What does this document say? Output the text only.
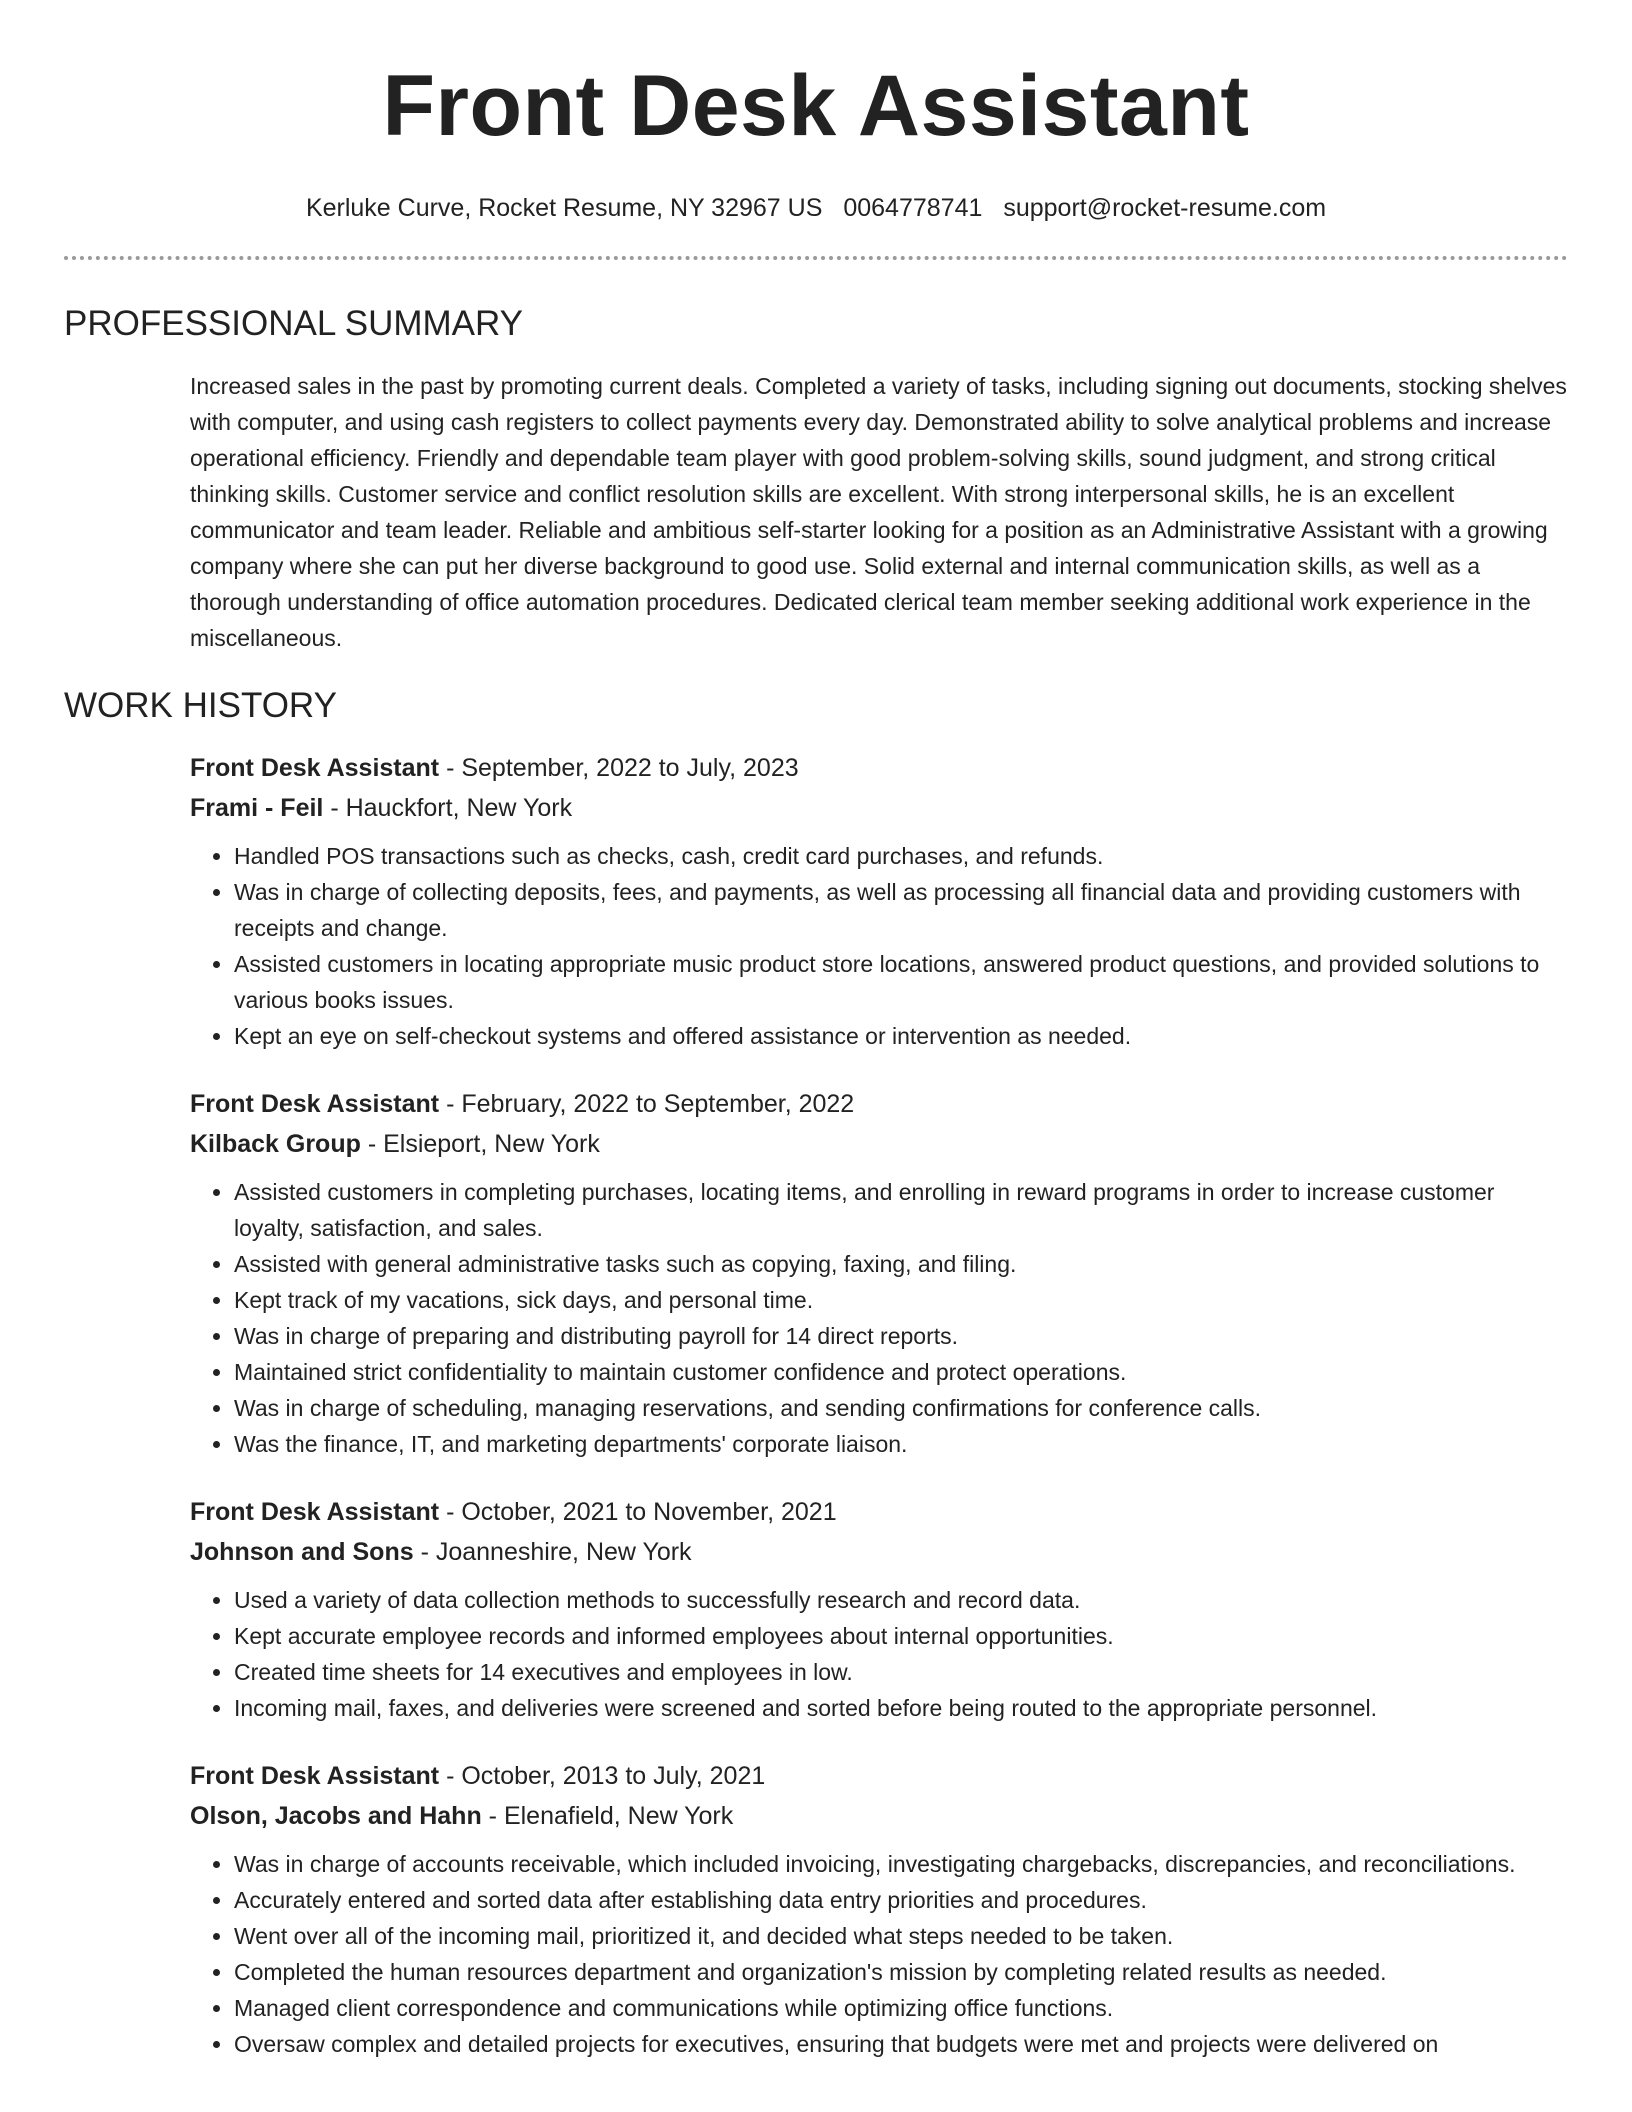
Front Desk Assistant
Kerluke Curve, Rocket Resume, NY 32967 US 0064778741 support@rocket-resume.com
PROFESSIONAL SUMMARY
Increased sales in the past by promoting current deals. Completed a variety of tasks, including signing out documents, stocking shelves with computer, and using cash registers to collect payments every day. Demonstrated ability to solve analytical problems and increase operational efficiency. Friendly and dependable team player with good problem-solving skills, sound judgment, and strong critical thinking skills. Customer service and conflict resolution skills are excellent. With strong interpersonal skills, he is an excellent communicator and team leader. Reliable and ambitious self-starter looking for a position as an Administrative Assistant with a growing company where she can put her diverse background to good use. Solid external and internal communication skills, as well as a thorough understanding of office automation procedures. Dedicated clerical team member seeking additional work experience in the miscellaneous.
WORK HISTORY
Front Desk Assistant - September, 2022 to July, 2023
Frami - Feil - Hauckfort, New York
• Handled POS transactions such as checks, cash, credit card purchases, and refunds.
• Was in charge of collecting deposits, fees, and payments, as well as processing all financial data and providing customers with receipts and change.
• Assisted customers in locating appropriate music product store locations, answered product questions, and provided solutions to various books issues.
• Kept an eye on self-checkout systems and offered assistance or intervention as needed.
Front Desk Assistant - February, 2022 to September, 2022
Kilback Group - Elsieport, New York
• Assisted customers in completing purchases, locating items, and enrolling in reward programs in order to increase customer loyalty, satisfaction, and sales.
• Assisted with general administrative tasks such as copying, faxing, and filing.
• Kept track of my vacations, sick days, and personal time.
• Was in charge of preparing and distributing payroll for 14 direct reports.
• Maintained strict confidentiality to maintain customer confidence and protect operations.
• Was in charge of scheduling, managing reservations, and sending confirmations for conference calls.
• Was the finance, IT, and marketing departments' corporate liaison.
Front Desk Assistant - October, 2021 to November, 2021
Johnson and Sons - Joanneshire, New York
• Used a variety of data collection methods to successfully research and record data.
• Kept accurate employee records and informed employees about internal opportunities.
• Created time sheets for 14 executives and employees in low.
• Incoming mail, faxes, and deliveries were screened and sorted before being routed to the appropriate personnel.
Front Desk Assistant - October, 2013 to July, 2021
Olson, Jacobs and Hahn - Elenafield, New York
• Was in charge of accounts receivable, which included invoicing, investigating chargebacks, discrepancies, and reconciliations.
• Accurately entered and sorted data after establishing data entry priorities and procedures.
• Went over all of the incoming mail, prioritized it, and decided what steps needed to be taken.
• Completed the human resources department and organization's mission by completing related results as needed.
• Managed client correspondence and communications while optimizing office functions.
• Oversaw complex and detailed projects for executives, ensuring that budgets were met and projects were delivered on
